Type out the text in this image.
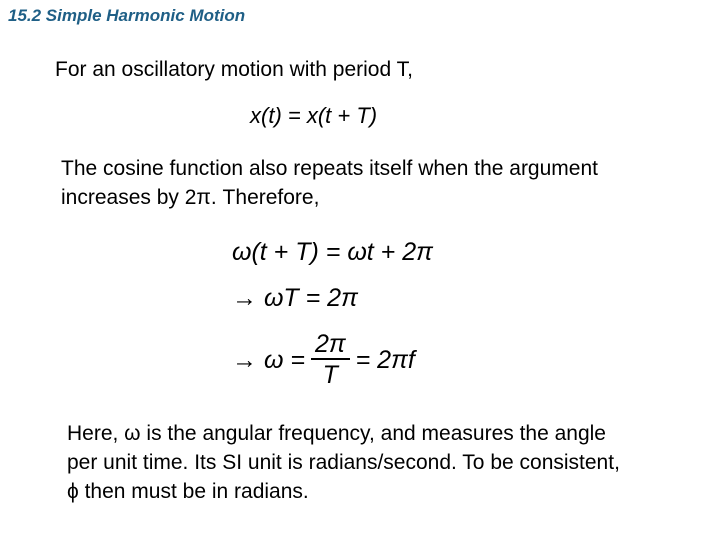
15.2 Simple Harmonic Motion
For an oscillatory motion with period T,
x(t) = x(t + T)
The cosine function also repeats itself when the argument
increases by 2π. Therefore,
ω(t + T) = ωt + 2π
→ ωT = 2π
→ $\omega = \frac{2\pi}{T} = 2\pi f$
Here, ω is the angular frequency, and measures the angle
per unit time. Its SI unit is radians/second. To be consistent,
ϕ then must be in radians.
